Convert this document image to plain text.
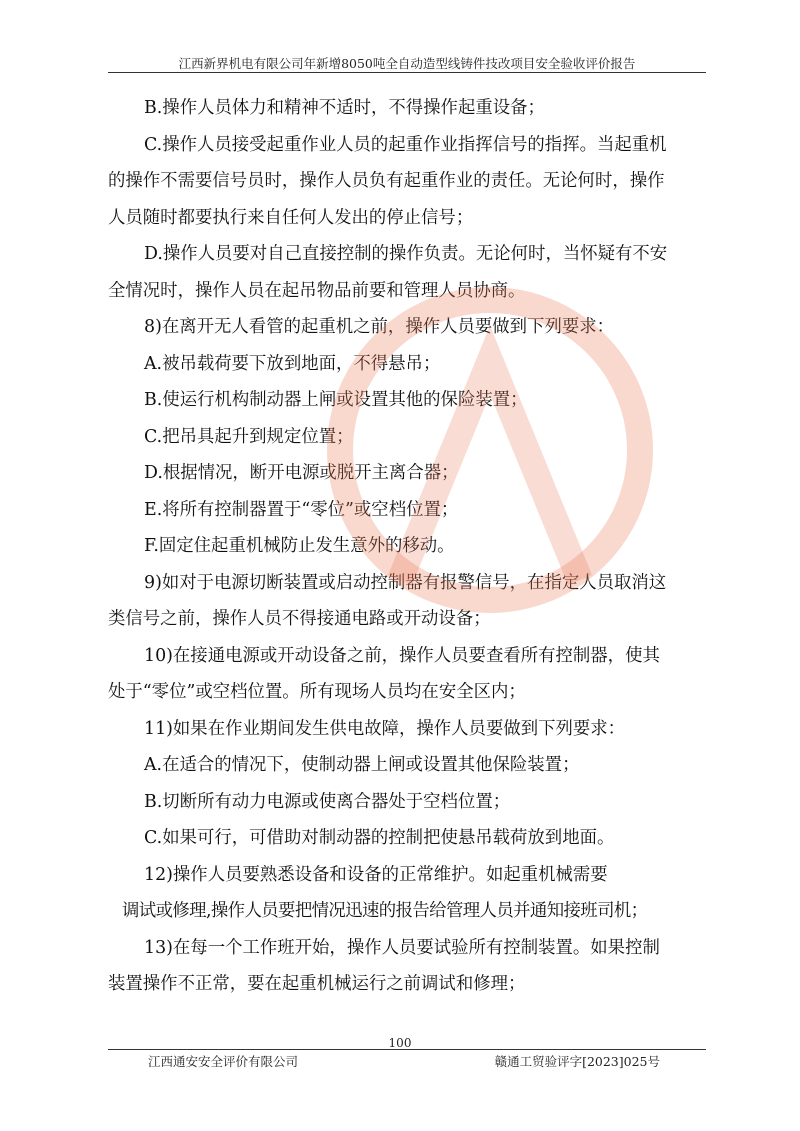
江西新界机电有限公司年新增8050吨全自动造型线铸件技改项目安全验收评价报告
B.操作人员体力和精神不适时，不得操作起重设备；
C.操作人员接受起重作业人员的起重作业指挥信号的指挥。当起重机
的操作不需要信号员时，操作人员负有起重作业的责任。无论何时，操作
人员随时都要执行来自任何人发出的停止信号；
D.操作人员要对自己直接控制的操作负责。无论何时，当怀疑有不安
全情况时，操作人员在起吊物品前要和管理人员协商。
8)在离开无人看管的起重机之前，操作人员要做到下列要求：
A.被吊载荷要下放到地面，不得悬吊；
B.使运行机构制动器上闸或设置其他的保险装置；
C.把吊具起升到规定位置；
D.根据情况，断开电源或脱开主离合器；
E.将所有控制器置于“零位”或空档位置；
F.固定住起重机械防止发生意外的移动。
9)如对于电源切断装置或启动控制器有报警信号，在指定人员取消这
类信号之前，操作人员不得接通电路或开动设备；
10)在接通电源或开动设备之前，操作人员要查看所有控制器，使其
处于“零位”或空档位置。所有现场人员均在安全区内；
11)如果在作业期间发生供电故障，操作人员要做到下列要求：
A.在适合的情况下，使制动器上闸或设置其他保险装置；
B.切断所有动力电源或使离合器处于空档位置；
C.如果可行，可借助对制动器的控制把使悬吊载荷放到地面。
12)操作人员要熟悉设备和设备的正常维护。如起重机械需要
调试或修理,操作人员要把情况迅速的报告给管理人员并通知接班司机；
13)在每一个工作班开始，操作人员要试验所有控制装置。如果控制
装置操作不正常，要在起重机械运行之前调试和修理；
100
江西通安安全评价有限公司	赣通工贸验评字[2023]025号
